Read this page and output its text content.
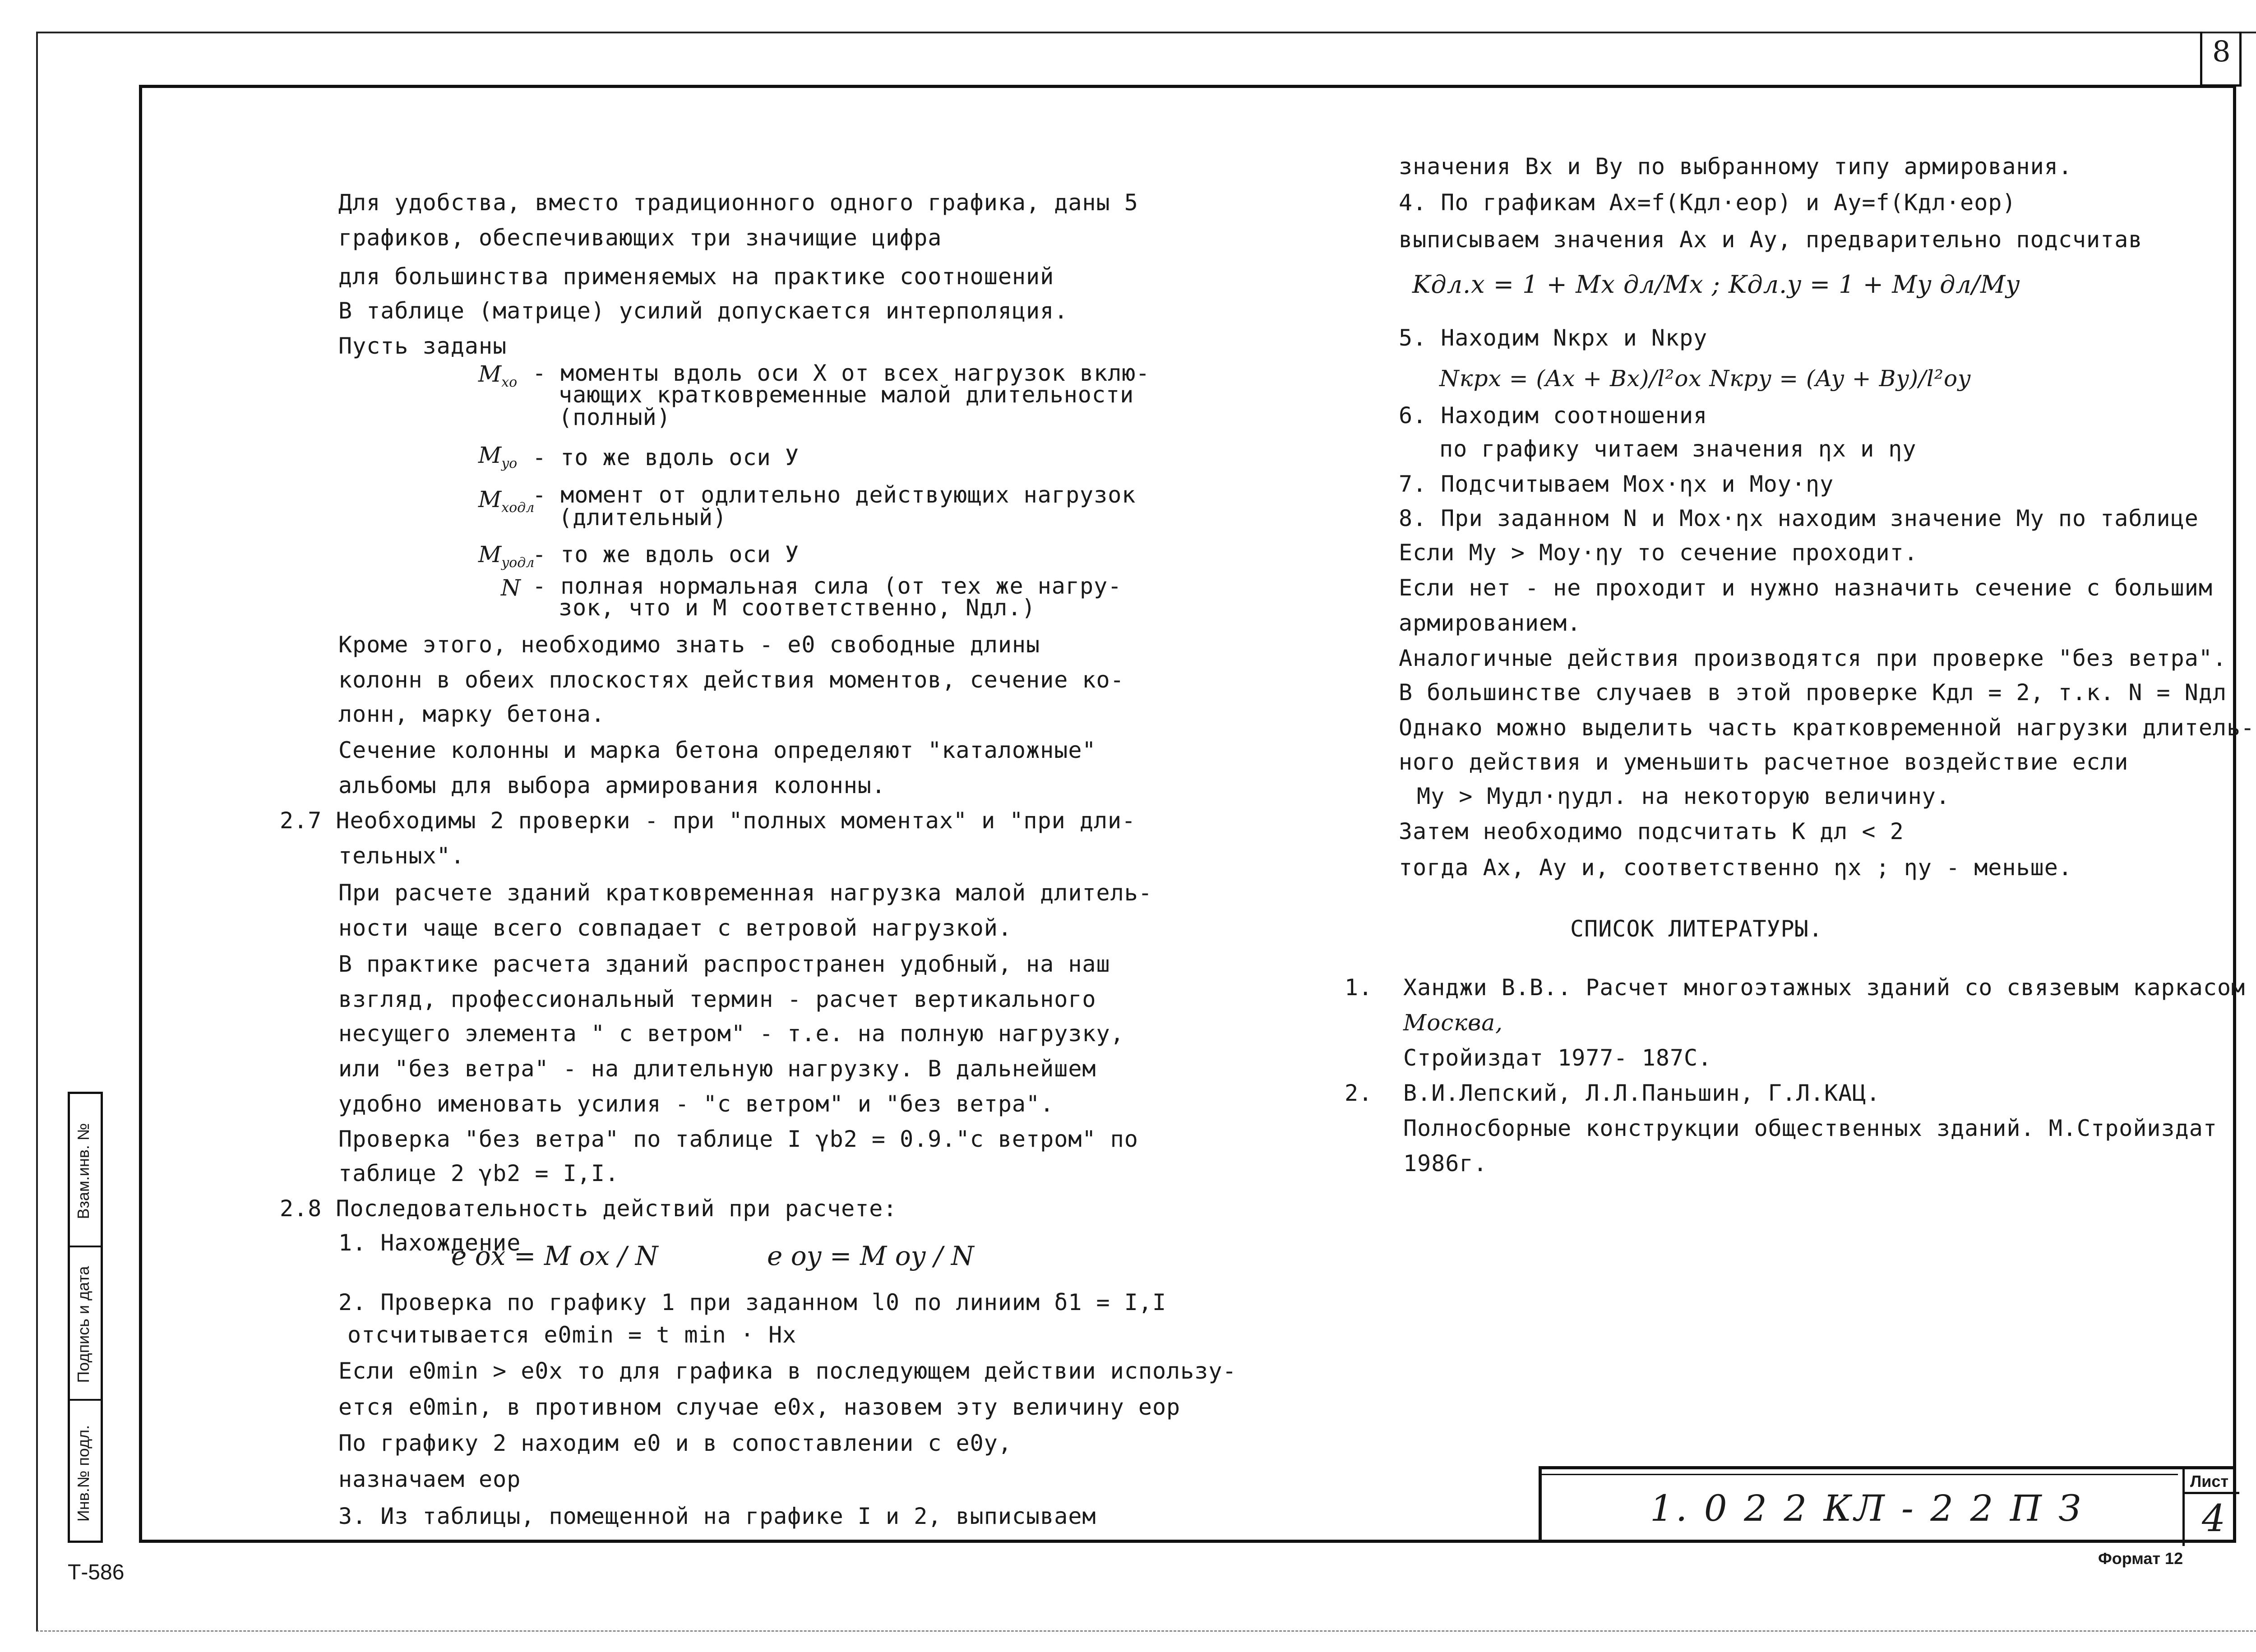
8
Взам.инв. №
Подпись и дата
Инв.№ подл.
Т-586
Для удобства, вместо традиционного одного графика, даны 5
графиков, обеспечивающих три значищие цифра
для большинства применяемых на практике соотношений
В таблице (матрице) усилий допускается интерполяция.
Пусть заданы
$M_{xo}$ - моменты вдоль оси X от всех нагрузок вклю-
чающих кратковременные малой длительности
(полный)
$M_{yo}$ - то же вдоль оси У
$M_{xoдл}$
- момент от одлительно действующих нагрузок
(длительный)
$M_{yoдл}$
- то же вдоль оси У
N - полная нормальная сила (от тех же нагру-
зок, что и М соответственно, Nдл.)
Кроме этого, необходимо знать - e0 свободные длины
колонн в обеих плоскостях действия моментов, сечение ко-
лонн, марку бетона.
Сечение колонны и марка бетона определяют "каталожные"
альбомы для выбора армирования колонны.
2.7 Необходимы 2 проверки - при "полных моментах" и "при дли-
тельных".
При расчете зданий кратковременная нагрузка малой длитель-
ности чаще всего совпадает с ветровой нагрузкой.
В практике расчета зданий распространен удобный, на наш
взгляд, профессиональный термин - расчет вертикального
несущего элемента " с ветром" - т.е. на полную нагрузку,
или "без ветра" - на длительную нагрузку. В дальнейшем
удобно именовать усилия - "с ветром" и "без ветра".
Проверка "без ветра" по таблице I γb2 = 0.9."с ветром" по
таблице 2 γb2 = I,I.
2.8 Последовательность действий при расчете:
1. Нахождение
e ox = M ox / N	e oy = M oy / N
2. Проверка по графику 1 при заданном l0 по линиим δ1 = I,I
отсчитывается e0min = t min · Hx
Если e0min > e0x то для графика в последующем действии использу-
ется e0min, в противном случае e0x, назовем эту величину eop
По графику 2 находим e0 и в сопоставлении с e0y,
назначаем eop
3. Из таблицы, помещенной на графике I и 2, выписываем
значения Вx и Вy по выбранному типу армирования.
4. По графикам Ax=f(Kдл·eop) и Ay=f(Kдл·eop)
выписываем значения Ax и Ay, предварительно подсчитав
Kдл.x = 1 + Mx дл/Mx ; Kдл.y = 1 + My дл/My
5. Находим Nкрx и Nкрy
Nкрx = (Ax + Bx)/l²ox Nкрy = (Ay + By)/l²oy
6. Находим соотношения
по графику читаем значения ηx и ηy
7. Подсчитываем Mox·ηx и Moy·ηy
8. При заданном N и Mox·ηx находим значение My по таблице
Если My > Moy·ηy то сечение проходит.
Если нет - не проходит и нужно назначить сечение с большим
армированием.
Аналогичные действия производятся при проверке "без ветра".
В большинстве случаев в этой проверке Kдл = 2, т.к. N = Nдл
Однако можно выделить часть кратковременной нагрузки длитель-
ного действия и уменьшить расчетное воздействие если
My > Myдл·ηyдл. на некоторую величину.
Затем необходимо подсчитать K дл < 2
тогда Ax, Ay и, соответственно ηx ; ηy - меньше.
СПИСОК ЛИТЕРАТУРЫ.
1. Ханджи В.В.. Расчет многоэтажных зданий со связевым каркасом
Москва,
Стройиздат 1977- 187С.
2. В.И.Лепский, Л.Л.Паньшин, Г.Л.КАЦ.
Полносборные конструкции общественных зданий. М.Стройиздат
1986г.
1. 0 2 2 КЛ - 2 2 П З
Лист
4
Формат 12
